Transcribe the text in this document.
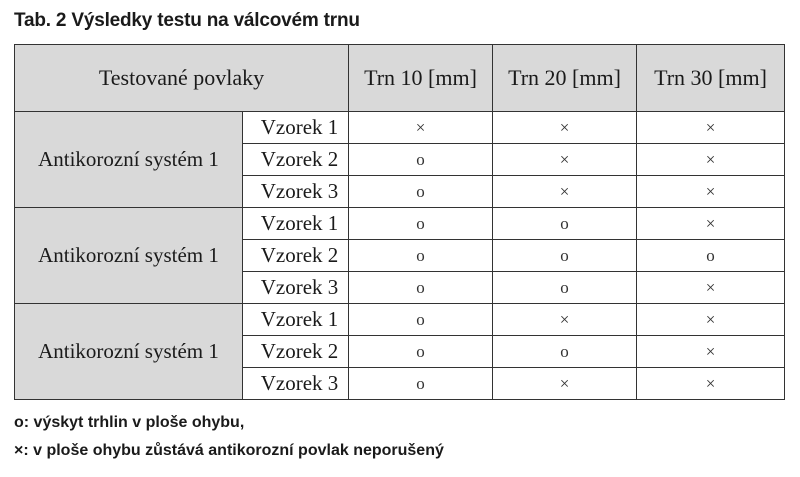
Tab. 2 Výsledky testu na válcovém trnu
Testované povlaky		Trn 10 [mm]	Trn 20 [mm]	Trn 30 [mm]
Antikorozní systém 1	Vzorek 1	×	×	×
	Vzorek 2	o	×	×
	Vzorek 3	o	×	×
Antikorozní systém 1	Vzorek 1	o	o	×
	Vzorek 2	o	o	o
	Vzorek 3	o	o	×
Antikorozní systém 1	Vzorek 1	o	×	×
	Vzorek 2	o	o	×
	Vzorek 3	o	×	×
o: výskyt trhlin v ploše ohybu,
×: v ploše ohybu zůstává antikorozní povlak neporušený
